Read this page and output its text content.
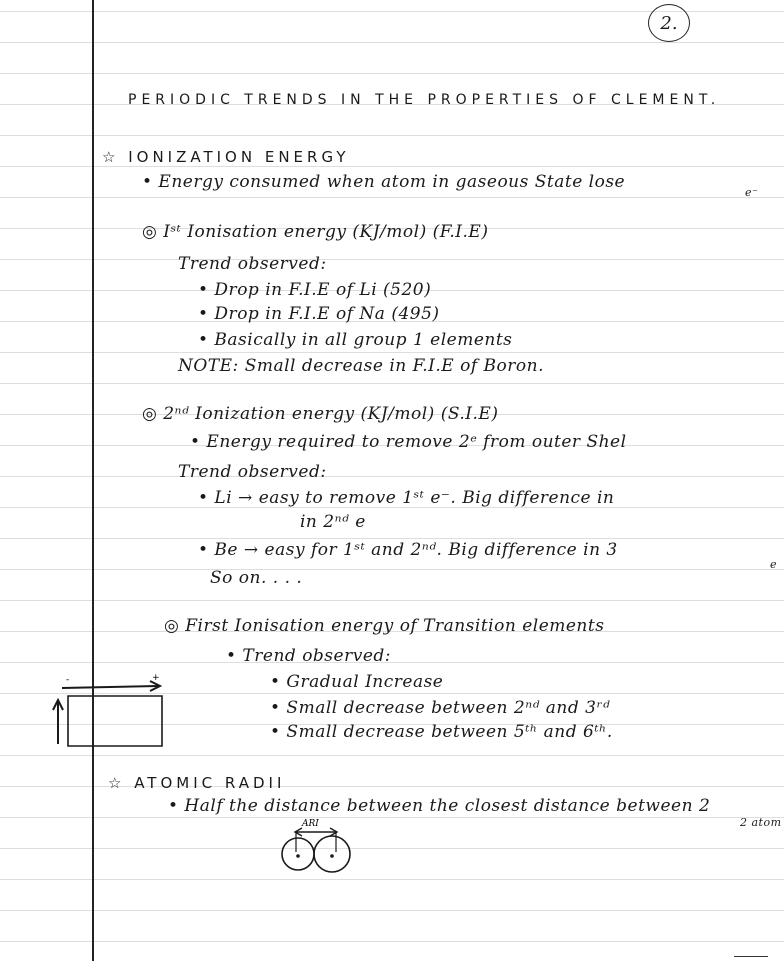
2.
PERIODIC TRENDS IN THE PROPERTIES OF CLEMENT.
☆ IONIZATION ENERGY
• Energy consumed when atom in gaseous State lose
e⁻
◎ Iˢᵗ Ionisation energy (KJ/mol) (F.I.E)
Trend observed:
• Drop in F.I.E of Li (520)
• Drop in F.I.E of Na (495)
• Basically in all group 1 elements
NOTE: Small decrease in F.I.E of Boron.
◎ 2ⁿᵈ Ionization energy (KJ/mol) (S.I.E)
• Energy required to remove 2ᵉ from outer Shel
Trend observed:
• Li → easy to remove 1ˢᵗ e⁻. Big difference in
in 2ⁿᵈ e
• Be → easy for 1ˢᵗ and 2ⁿᵈ. Big difference in 3
e
So on. . . .
◎ First Ionisation energy of Transition elements
• Trend observed:
• Gradual Increase
• Small decrease between 2ⁿᵈ and 3ʳᵈ
• Small decrease between 5ᵗʰ and 6ᵗʰ.
-	+
☆ ATOMIC RADII
• Half the distance between the closest distance between 2
2 atom
ARI
